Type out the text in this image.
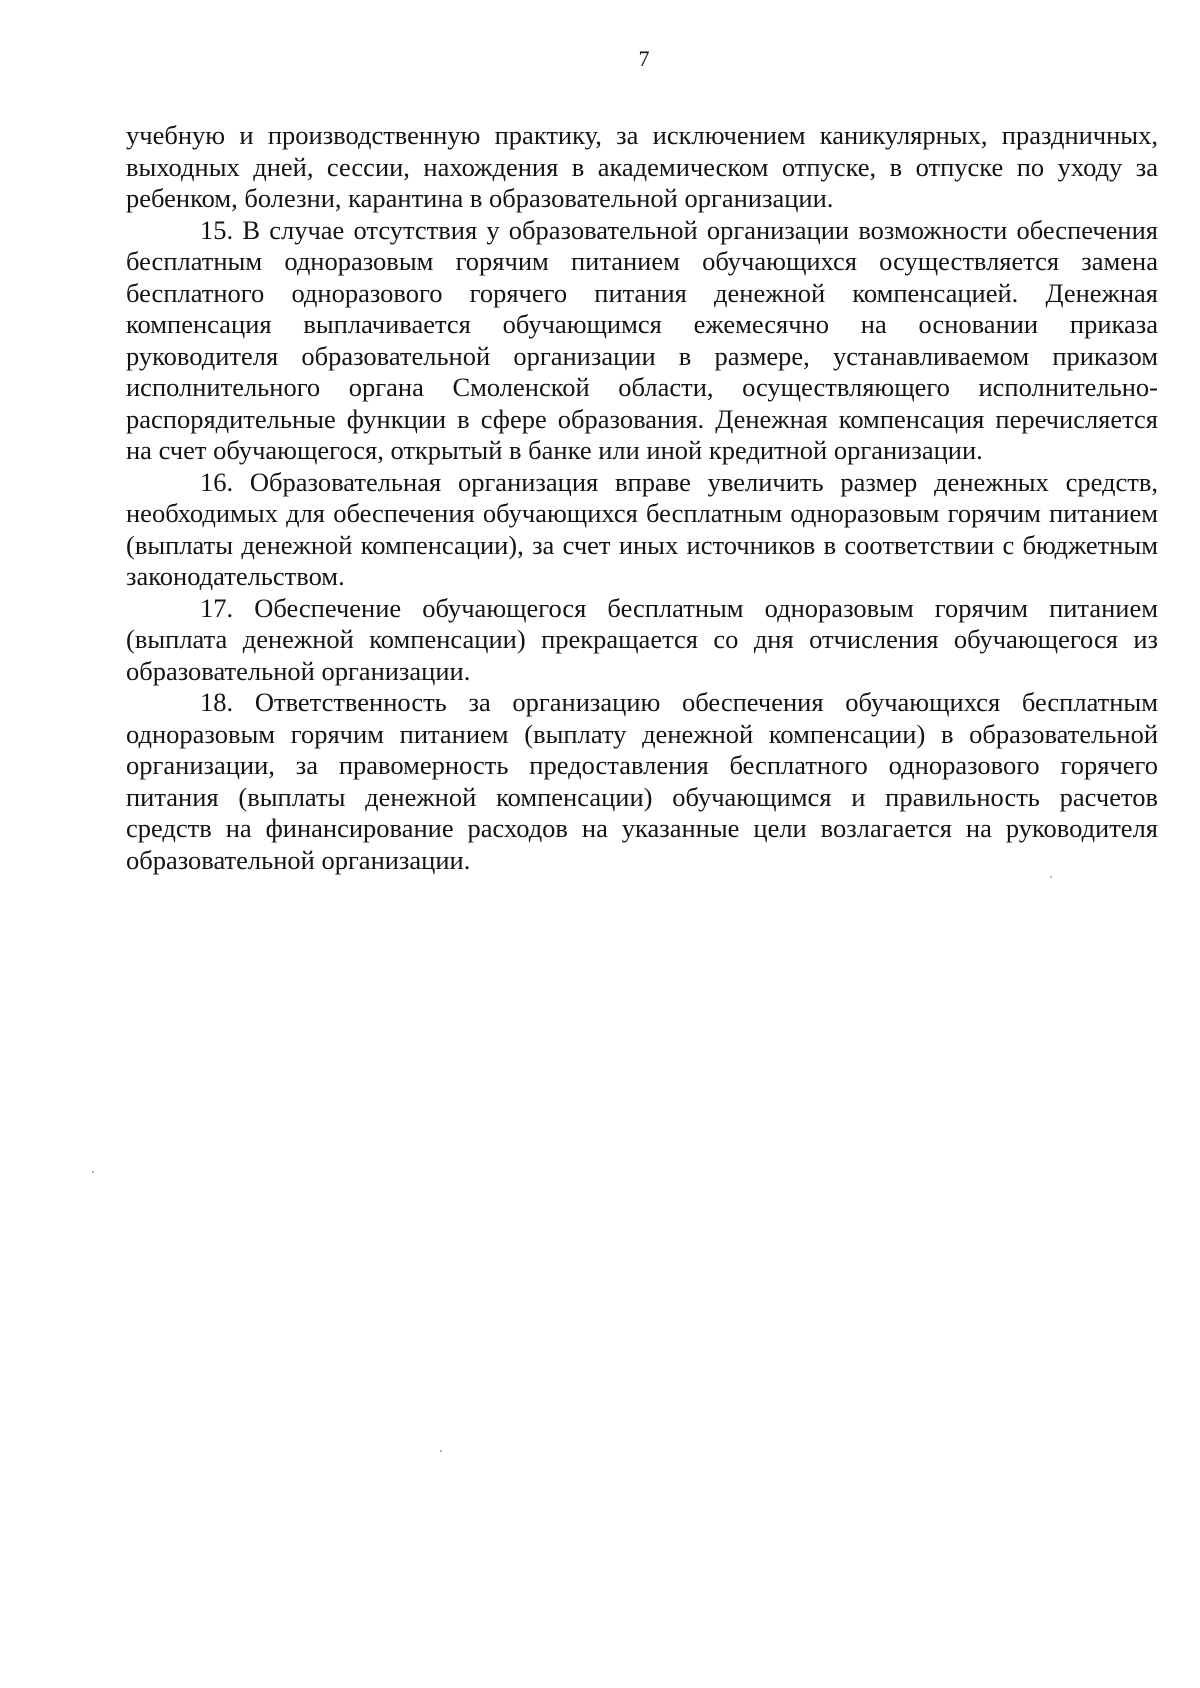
7

учебную и производственную практику, за исключением каникулярных, праздничных, выходных дней, сессии, нахождения в академическом отпуске, в отпуске по уходу за ребенком, болезни, карантина в образовательной организации.

15. В случае отсутствия у образовательной организации возможности обеспечения бесплатным одноразовым горячим питанием обучающихся осуществляется замена бесплатного одноразового горячего питания денежной компенсацией. Денежная компенсация выплачивается обучающимся ежемесячно на основании приказа руководителя образовательной организации в размере, устанавливаемом приказом исполнительного органа Смоленской области, осуществляющего исполнительно-распорядительные функции в сфере образования. Денежная компенсация перечисляется на счет обучающегося, открытый в банке или иной кредитной организации.

16. Образовательная организация вправе увеличить размер денежных средств, необходимых для обеспечения обучающихся бесплатным одноразовым горячим питанием (выплаты денежной компенсации), за счет иных источников в соответствии с бюджетным законодательством.

17. Обеспечение обучающегося бесплатным одноразовым горячим питанием (выплата денежной компенсации) прекращается со дня отчисления обучающегося из образовательной организации.

18. Ответственность за организацию обеспечения обучающихся бесплатным одноразовым горячим питанием (выплату денежной компенсации) в образовательной организации, за правомерность предоставления бесплатного одноразового горячего питания (выплаты денежной компенсации) обучающимся и правильность расчетов средств на финансирование расходов на указанные цели возлагается на руководителя образовательной организации.
